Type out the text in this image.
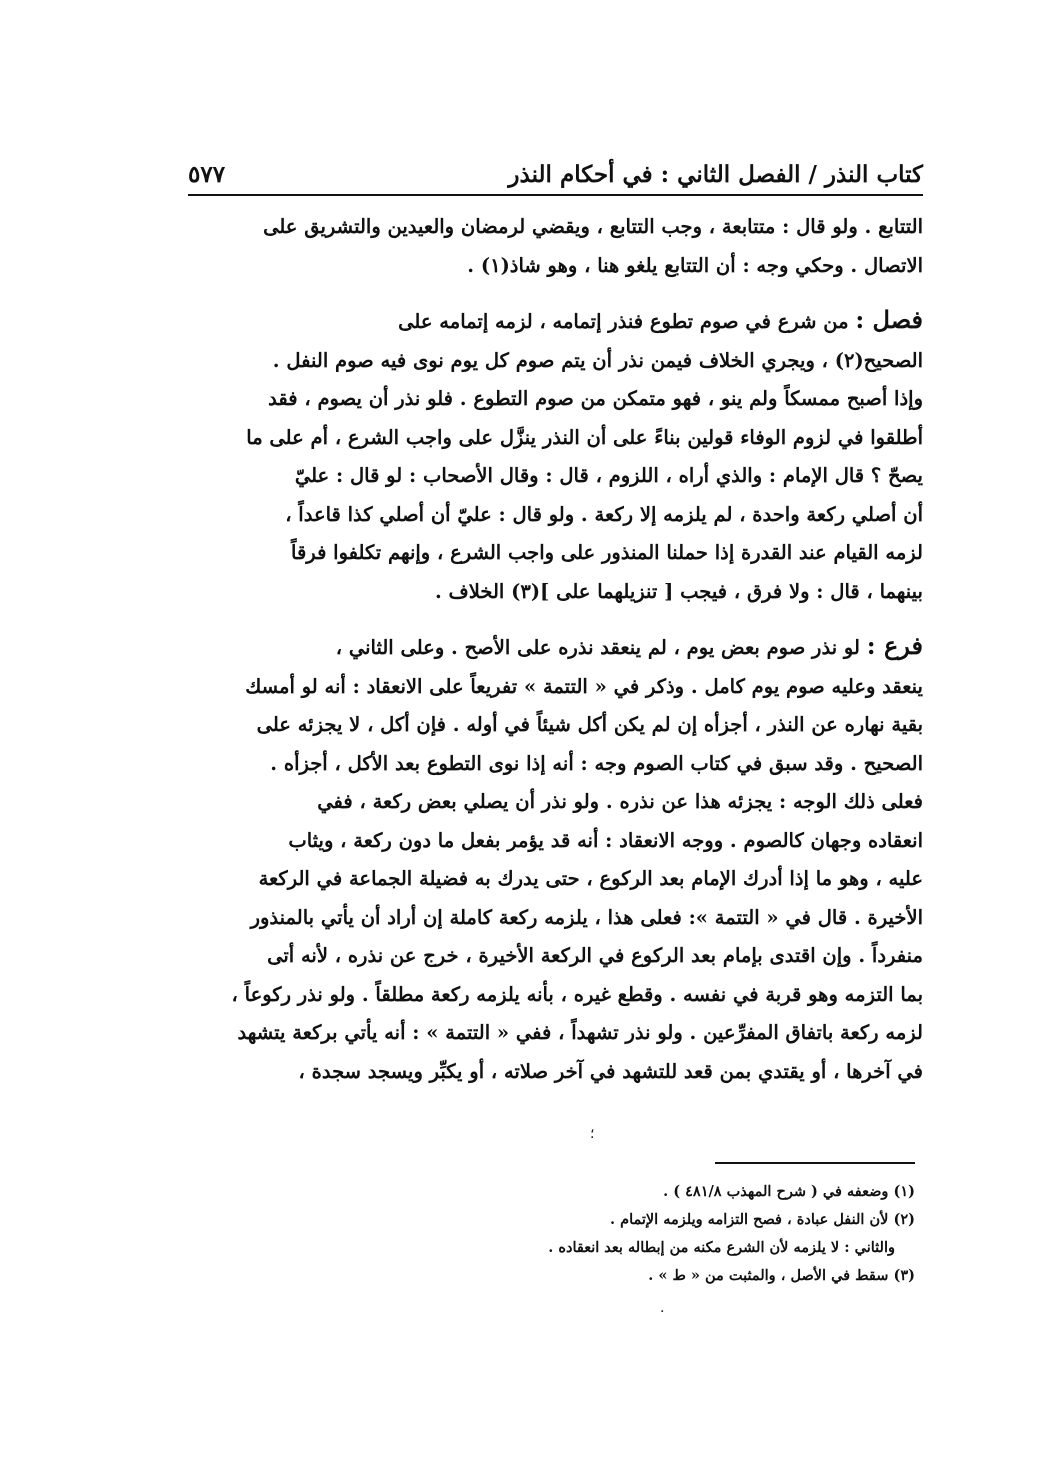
كتاب النذر / الفصل الثاني : في أحكام النذر
٥٧٧

التتابع . ولو قال : متتابعة ، وجب التتابع ، ويقضي لرمضان والعيدين والتشريق على
الاتصال . وحكي وجه : أن التتابع يلغو هنا ، وهو شاذ(١) .

فصل : من شرع في صوم تطوع فنذر إتمامه ، لزمه إتمامه على
الصحيح(٢) ، ويجري الخلاف فيمن نذر أن يتم صوم كل يوم نوى فيه صوم النفل .
وإذا أصبح ممسكاً ولم ينو ، فهو متمكن من صوم التطوع . فلو نذر أن يصوم ، فقد
أطلقوا في لزوم الوفاء قولين بناءً على أن النذر ينزَّل على واجب الشرع ، أم على ما
يصحّ ؟ قال الإمام : والذي أراه ، اللزوم ، قال : وقال الأصحاب : لو قال : عليّ
أن أصلي ركعة واحدة ، لم يلزمه إلا ركعة . ولو قال : عليّ أن أصلي كذا قاعداً ،
لزمه القيام عند القدرة إذا حملنا المنذور على واجب الشرع ، وإنهم تكلفوا فرقاً
بينهما ، قال : ولا فرق ، فيجب [ تنزيلهما على ](٣) الخلاف .

فرع : لو نذر صوم بعض يوم ، لم ينعقد نذره على الأصح . وعلى الثاني ،
ينعقد وعليه صوم يوم كامل . وذكر في « التتمة » تفريعاً على الانعقاد : أنه لو أمسك
بقية نهاره عن النذر ، أجزأه إن لم يكن أكل شيئاً في أوله . فإن أكل ، لا يجزئه على
الصحيح . وقد سبق في كتاب الصوم وجه : أنه إذا نوى التطوع بعد الأكل ، أجزأه .
فعلى ذلك الوجه : يجزئه هذا عن نذره . ولو نذر أن يصلي بعض ركعة ، ففي
انعقاده وجهان كالصوم . ووجه الانعقاد : أنه قد يؤمر بفعل ما دون ركعة ، ويثاب
عليه ، وهو ما إذا أدرك الإمام بعد الركوع ، حتى يدرك به فضيلة الجماعة في الركعة
الأخيرة . قال في « التتمة »: فعلى هذا ، يلزمه ركعة كاملة إن أراد أن يأتي بالمنذور
منفرداً . وإن اقتدى بإمام بعد الركوع في الركعة الأخيرة ، خرج عن نذره ، لأنه أتى
بما التزمه وهو قربة في نفسه . وقطع غيره ، بأنه يلزمه ركعة مطلقاً . ولو نذر ركوعاً ،
لزمه ركعة باتفاق المفرِّعين . ولو نذر تشهداً ، ففي « التتمة » : أنه يأتي بركعة يتشهد
في آخرها ، أو يقتدي بمن قعد للتشهد في آخر صلاته ، أو يكبِّر ويسجد سجدة ،

؛
(١) وضعفه في ( شرح المهذب ٤٨١/٨ ) .
(٢) لأن النفل عبادة ، فصح التزامه ويلزمه الإتمام .
والثاني : لا يلزمه لأن الشرع مكنه من إبطاله بعد انعقاده .
(٣) سقط في الأصل ، والمثبت من « ط » .
.
